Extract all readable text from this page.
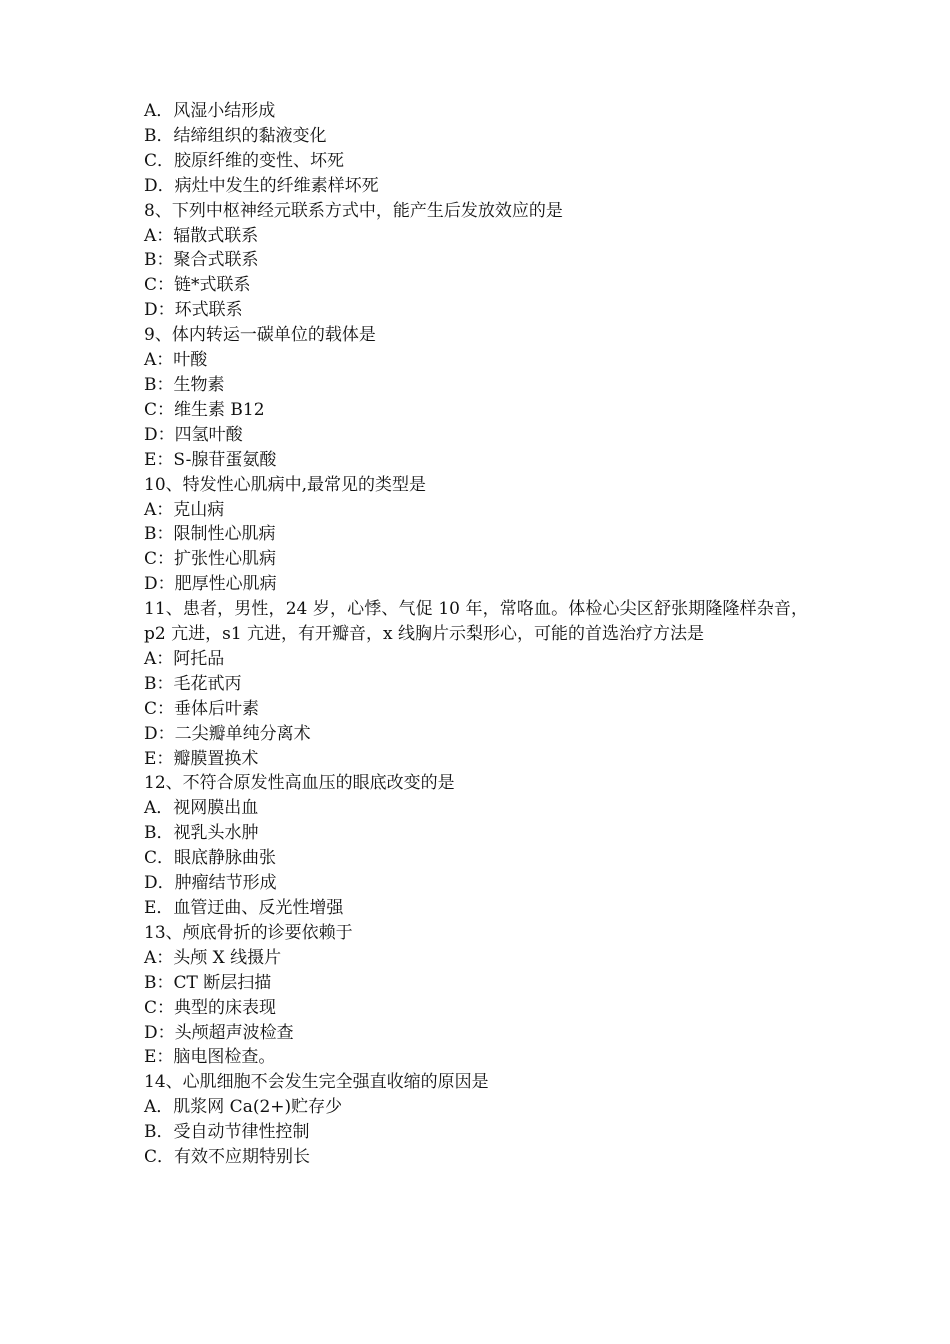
A．风湿小结形成

B．结缔组织的黏液变化

C．胶原纤维的变性、坏死

D．病灶中发生的纤维素样坏死

8、下列中枢神经元联系方式中，能产生后发放效应的是

A：辐散式联系

B：聚合式联系

C：链*式联系

D：环式联系

9、体内转运一碳单位的载体是

A：叶酸

B：生物素

C：维生素 B12

D：四氢叶酸

E：S-腺苷蛋氨酸

10、特发性心肌病中,最常见的类型是

A：克山病

B：限制性心肌病

C：扩张性心肌病

D：肥厚性心肌病

11、患者，男性，24 岁，心悸、气促 10 年，常咯血。体检心尖区舒张期隆隆样杂音，p2 亢进，s1 亢进，有开瓣音，x 线胸片示梨形心，可能的首选治疗方法是

A：阿托品

B：毛花甙丙

C：垂体后叶素

D：二尖瓣单纯分离术

E：瓣膜置换术

12、不符合原发性高血压的眼底改变的是

A．视网膜出血

B．视乳头水肿

C．眼底静脉曲张

D．肿瘤结节形成

E．血管迂曲、反光性增强

13、颅底骨折的诊要依赖于

A：头颅 X 线摄片

B：CT 断层扫描

C：典型的床表现

D：头颅超声波检查

E：脑电图检查。

14、心肌细胞不会发生完全强直收缩的原因是

A．肌浆网 Ca(2+)贮存少

B．受自动节律性控制

C．有效不应期特别长
